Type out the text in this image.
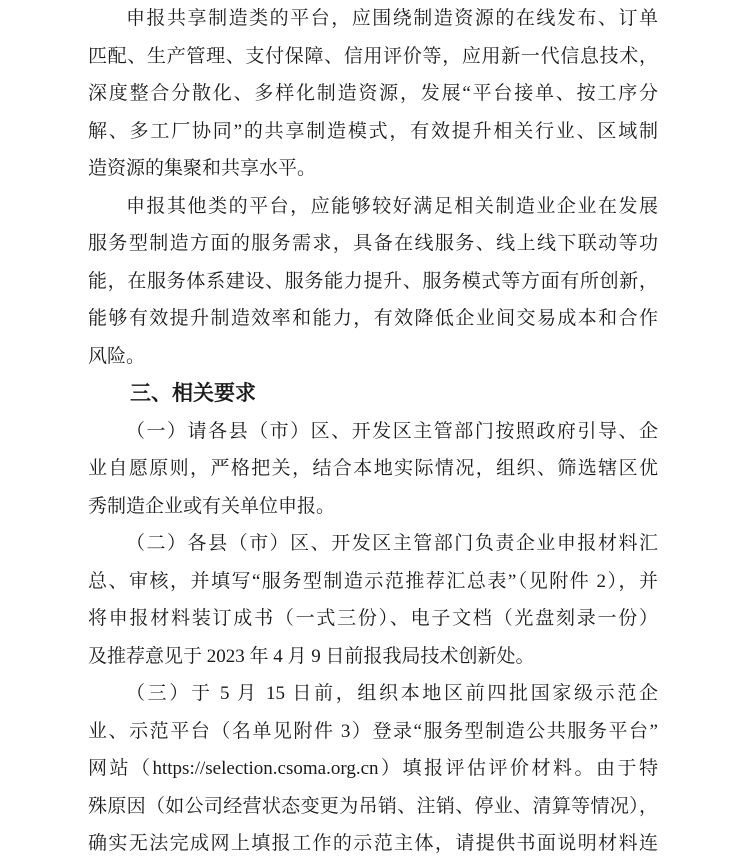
申报共享制造类的平台，应围绕制造资源的在线发布、订单
匹配、生产管理、支付保障、信用评价等，应用新一代信息技术，
深度整合分散化、多样化制造资源，发展“平台接单、按工序分
解、多工厂协同”的共享制造模式，有效提升相关行业、区域制
造资源的集聚和共享水平。
申报其他类的平台，应能够较好满足相关制造业企业在发展
服务型制造方面的服务需求，具备在线服务、线上线下联动等功
能，在服务体系建设、服务能力提升、服务模式等方面有所创新，
能够有效提升制造效率和能力，有效降低企业间交易成本和合作
风险。
三、相关要求
（一）请各县（市）区、开发区主管部门按照政府引导、企
业自愿原则，严格把关，结合本地实际情况，组织、筛选辖区优
秀制造企业或有关单位申报。
（二）各县（市）区、开发区主管部门负责企业申报材料汇
总、审核，并填写“服务型制造示范推荐汇总表”（见附件 2），并
将申报材料装订成书（一式三份）、电子文档（光盘刻录一份）
及推荐意见于 2023 年 4 月 9 日前报我局技术创新处。
（三）于 5 月 15 日前，组织本地区前四批国家级示范企
业、示范平台（名单见附件 3）登录“服务型制造公共服务平台”
网站（https://selection.csoma.org.cn）填报评估评价材料。由于特
殊原因（如公司经营状态变更为吊销、注销、停业、清算等情况），
确实无法完成网上填报工作的示范主体，请提供书面说明材料连
